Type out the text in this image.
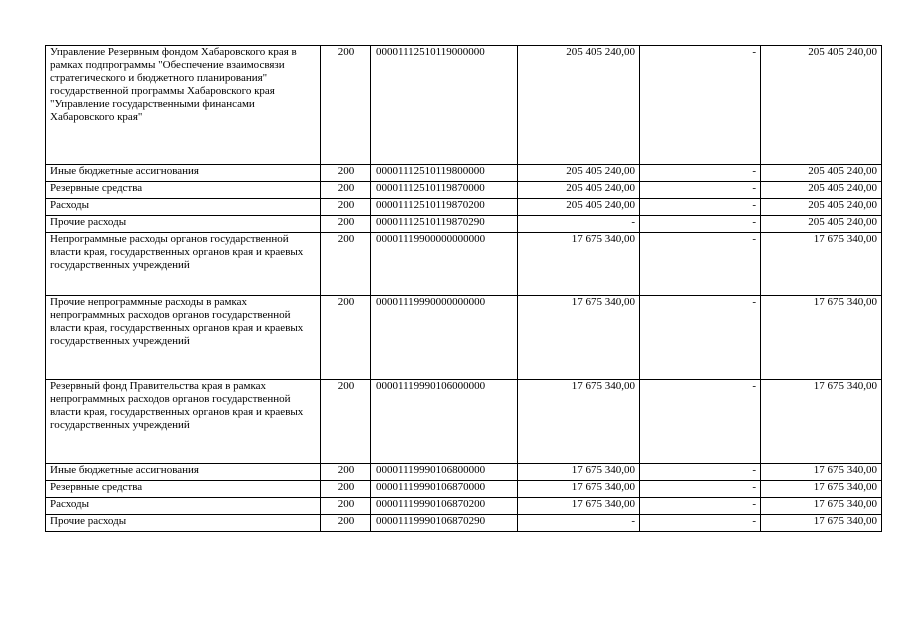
Управление Резервным фондом Хабаровского края в рамках подпрограммы "Обеспечение взаимосвязи стратегического и бюджетного планирования" государственной программы Хабаровского края "Управление государственными финансами Хабаровского края"	200	00001112510119000000	205 405 240,00	-	205 405 240,00
Иные бюджетные ассигнования	200	00001112510119800000	205 405 240,00	-	205 405 240,00
Резервные средства	200	00001112510119870000	205 405 240,00	-	205 405 240,00
Расходы	200	00001112510119870200	205 405 240,00	-	205 405 240,00
Прочие расходы	200	00001112510119870290	-	-	205 405 240,00
Непрограммные расходы органов государственной власти края, государственных органов края и краевых государственных учреждений	200	00001119900000000000	17 675 340,00	-	17 675 340,00
Прочие непрограммные расходы в рамках непрограммных расходов органов государственной власти края, государственных органов края и краевых государственных учреждений	200	00001119990000000000	17 675 340,00	-	17 675 340,00
Резервный фонд Правительства края в рамках непрограммных расходов органов государственной власти края, государственных органов края и краевых государственных учреждений	200	00001119990106000000	17 675 340,00	-	17 675 340,00
Иные бюджетные ассигнования	200	00001119990106800000	17 675 340,00	-	17 675 340,00
Резервные средства	200	00001119990106870000	17 675 340,00	-	17 675 340,00
Расходы	200	00001119990106870200	17 675 340,00	-	17 675 340,00
Прочие расходы	200	00001119990106870290	-	-	17 675 340,00
